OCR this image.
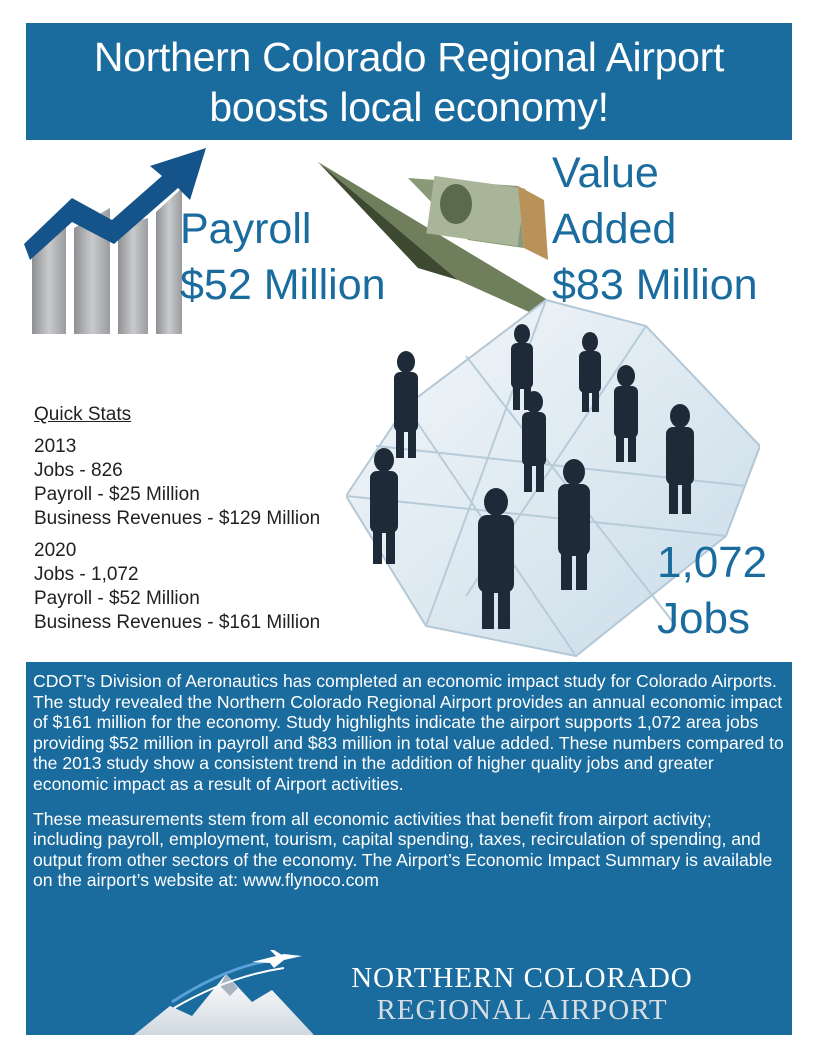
Northern Colorado Regional Airport
boosts local economy!
Payroll
$52 Million
Value
Added
$83 Million
1,072
Jobs
Quick Stats
2013
Jobs - 826
Payroll - $25 Million
Business Revenues - $129 Million
2020
Jobs - 1,072
Payroll - $52 Million
Business Revenues - $161 Million

CDOT’s Division of Aeronautics has completed an economic impact study for Colorado Airports. The study revealed the Northern Colorado Regional Airport provides an annual economic impact of $161 million for the economy. Study highlights indicate the airport supports 1,072 area jobs providing $52 million in payroll and $83 million in total value added. These numbers compared to the 2013 study show a consistent trend in the addition of higher quality jobs and greater economic impact as a result of Airport activities.

These measurements stem from all economic activities that benefit from airport activity; including payroll, employment, tourism, capital spending, taxes, recirculation of spending, and output from other sectors of the economy. The Airport’s Economic Impact Summary is available on the airport’s website at: www.flynoco.com

NORTHERN COLORADO
REGIONAL AIRPORT
